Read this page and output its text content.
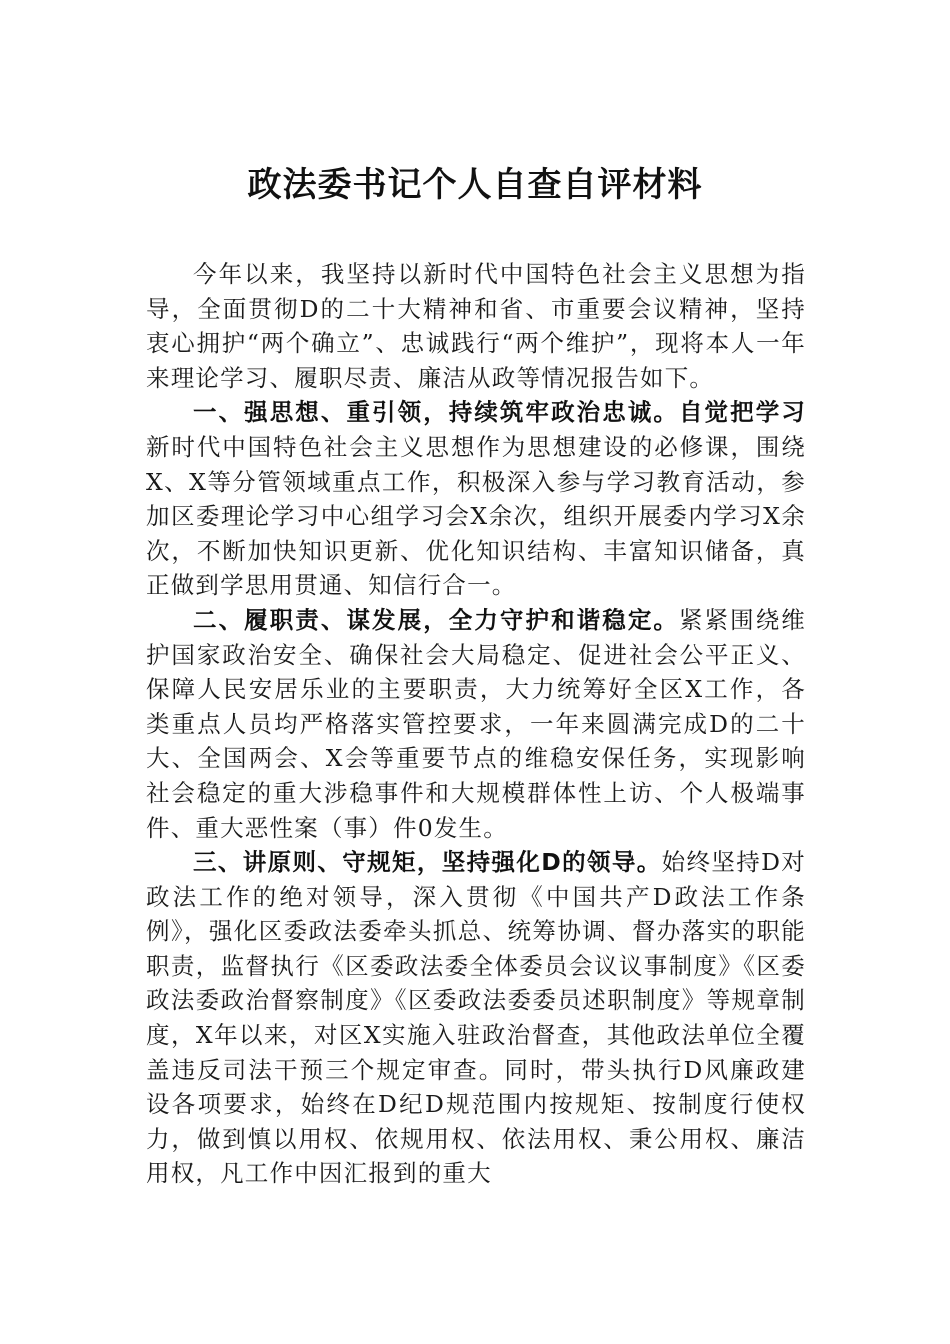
政法委书记个人自查自评材料

今年以来，我坚持以新时代中国特色社会主义思想为指导，全面贯彻D的二十大精神和省、市重要会议精神，坚持衷心拥护“两个确立”、忠诚践行“两个维护”，现将本人一年来理论学习、履职尽责、廉洁从政等情况报告如下。

一、强思想、重引领，持续筑牢政治忠诚。自觉把学习新时代中国特色社会主义思想作为思想建设的必修课，围绕X、X等分管领域重点工作，积极深入参与学习教育活动，参加区委理论学习中心组学习会X余次，组织开展委内学习X余次，不断加快知识更新、优化知识结构、丰富知识储备，真正做到学思用贯通、知信行合一。

二、履职责、谋发展，全力守护和谐稳定。紧紧围绕维护国家政治安全、确保社会大局稳定、促进社会公平正义、保障人民安居乐业的主要职责，大力统筹好全区X工作，各类重点人员均严格落实管控要求，一年来圆满完成D的二十大、全国两会、X会等重要节点的维稳安保任务，实现影响社会稳定的重大涉稳事件和大规模群体性上访、个人极端事件、重大恶性案（事）件0发生。

三、讲原则、守规矩，坚持强化D的领导。始终坚持D对政法工作的绝对领导，深入贯彻《中国共产D政法工作条例》，强化区委政法委牵头抓总、统筹协调、督办落实的职能职责，监督执行《区委政法委全体委员会议议事制度》《区委政法委政治督察制度》《区委政法委委员述职制度》等规章制度，X年以来，对区X实施入驻政治督查，其他政法单位全覆盖违反司法干预三个规定审查。同时，带头执行D风廉政建设各项要求，始终在D纪D规范围内按规矩、按制度行使权力，做到慎以用权、依规用权、依法用权、秉公用权、廉洁用权，凡工作中因汇报到的重大
